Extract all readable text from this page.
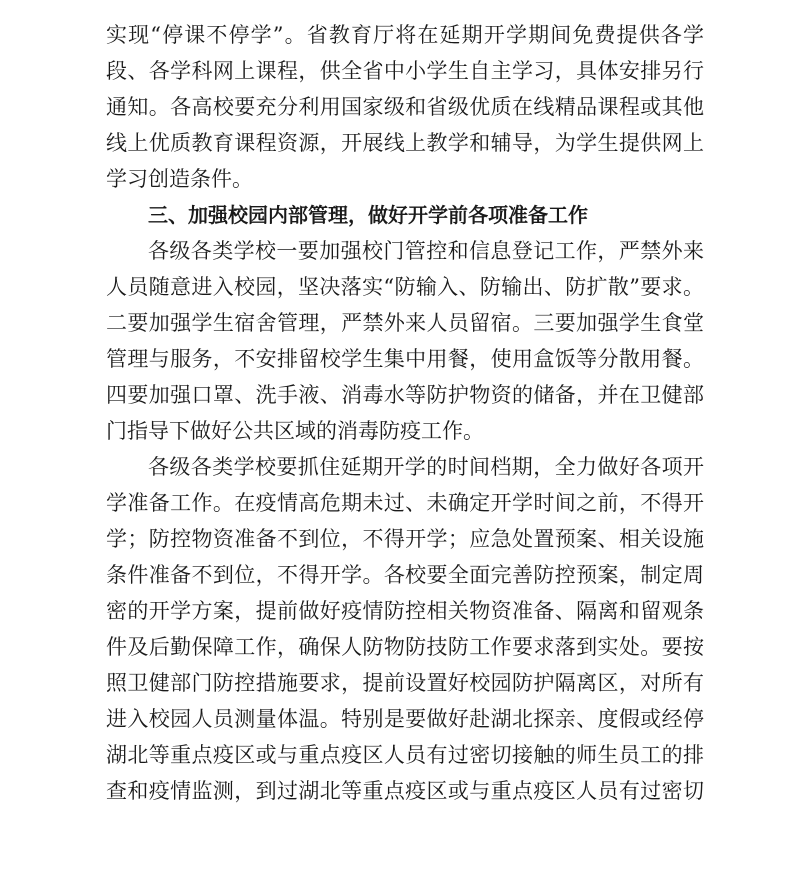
实现“停课不停学”。省教育厅将在延期开学期间免费提供各学
段、各学科网上课程，供全省中小学生自主学习，具体安排另行
通知。各高校要充分利用国家级和省级优质在线精品课程或其他
线上优质教育课程资源，开展线上教学和辅导，为学生提供网上
学习创造条件。
三、加强校园内部管理，做好开学前各项准备工作
各级各类学校一要加强校门管控和信息登记工作，严禁外来
人员随意进入校园，坚决落实“防输入、防输出、防扩散”要求。
二要加强学生宿舍管理，严禁外来人员留宿。三要加强学生食堂
管理与服务，不安排留校学生集中用餐，使用盒饭等分散用餐。
四要加强口罩、洗手液、消毒水等防护物资的储备，并在卫健部
门指导下做好公共区域的消毒防疫工作。
各级各类学校要抓住延期开学的时间档期，全力做好各项开
学准备工作。在疫情高危期未过、未确定开学时间之前，不得开
学；防控物资准备不到位，不得开学；应急处置预案、相关设施
条件准备不到位，不得开学。各校要全面完善防控预案，制定周
密的开学方案，提前做好疫情防控相关物资准备、隔离和留观条
件及后勤保障工作，确保人防物防技防工作要求落到实处。要按
照卫健部门防控措施要求，提前设置好校园防护隔离区，对所有
进入校园人员测量体温。特别是要做好赴湖北探亲、度假或经停
湖北等重点疫区或与重点疫区人员有过密切接触的师生员工的排
查和疫情监测，到过湖北等重点疫区或与重点疫区人员有过密切
